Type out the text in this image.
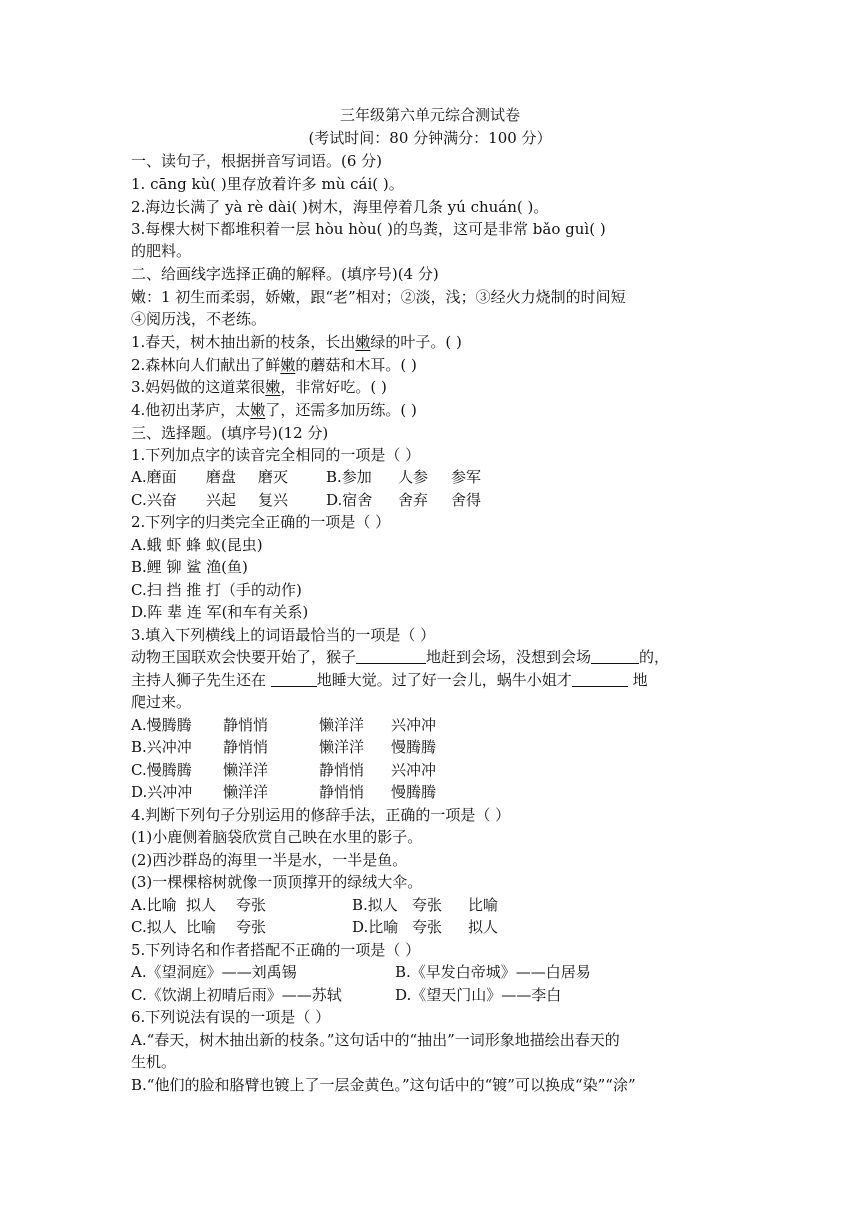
三年级第六单元综合测试卷
(考试时间：80 分钟满分：100 分）
一、读句子，根据拼音写词语。(6 分)
1. cāng kù( )里存放着许多 mù cái( )。
2.海边长满了 yà rè dài( )树木，海里停着几条 yú chuán( )。
3.每棵大树下都堆积着一层 hòu hòu( )的鸟粪，这可是非常 bǎo guì( )
的肥料。
二、给画线字选择正确的解释。(填序号)(4 分)
嫩：1 初生而柔弱，娇嫩，跟“老”相对；②淡，浅；③经火力烧制的时间短
④阅历浅，不老练。
1.春天，树木抽出新的枝条，长出嫩绿的叶子。( )
2.森林向人们献出了鲜嫩的蘑菇和木耳。( )
3.妈妈做的这道菜很嫩，非常好吃。( )
4.他初出茅庐，太嫩了，还需多加历练。( )
三、选择题。(填序号)(12 分)
1.下列加点字的读音完全相同的一项是（ ）
A.磨面 磨盘 磨灭	B.参加 人参 参军
C.兴奋 兴起 复兴	D.宿舍 舍弃 舍得
2.下列字的归类完全正确的一项是（ ）
A.蛾 虾 蜂 蚁(昆虫)
B.鲤 铆 鲨 渔(鱼)
C.扫 挡 推 打（手的动作)
D.阵 辈 连 军(和车有关系)
3.填入下列横线上的词语最恰当的一项是（ ）
动物王国联欢会快要开始了，猴子	地赶到会场，没想到会场	的，
主持人狮子先生还在	地睡大觉。过了好一会儿，蜗牛小姐才	地
爬过来。
A.慢腾腾 静悄悄	懒洋洋 兴冲冲
B.兴冲冲 静悄悄	懒洋洋 慢腾腾
C.慢腾腾 懒洋洋	静悄悄 兴冲冲
D.兴冲冲 懒洋洋	静悄悄 慢腾腾
4.判断下列句子分别运用的修辞手法，正确的一项是（ ）
(1)小鹿侧着脑袋欣赏自己映在水里的影子。
(2)西沙群岛的海里一半是水，一半是鱼。
(3)一棵棵榕树就像一顶顶撑开的绿绒大伞。
A.比喻 拟人 夸张	B.拟人 夸张 比喻
C.拟人 比喻 夸张	D.比喻 夸张 拟人
5.下列诗名和作者搭配不正确的一项是（ ）
A.《望洞庭》——刘禹锡	B.《早发白帝城》——白居易
C.《饮湖上初晴后雨》——苏轼	D.《望天门山》——李白
6.下列说法有误的一项是（ ）
A.“春天，树木抽出新的枝条。”这句话中的“抽出”一词形象地描绘出春天的
生机。
B.“他们的脸和胳臂也镀上了一层金黄色。”这句话中的“镀”可以换成“染”“涂”
